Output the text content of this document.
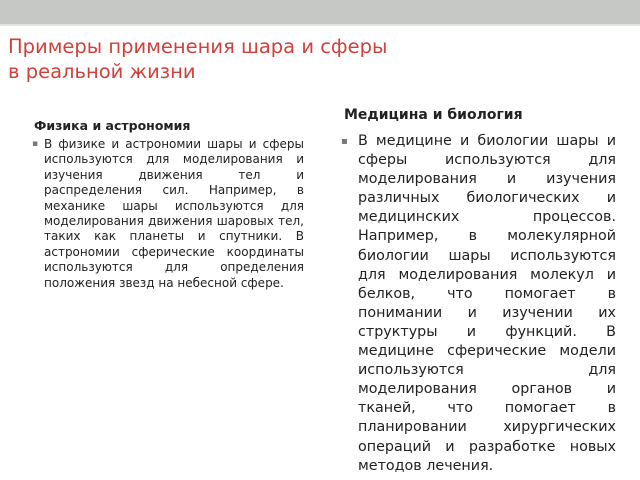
Примеры применения шара и сферы
в реальной жизни
Физика и астрономия
▪ В физике и астрономии шары и сферы используются для моделирования и изучения движения тел и распределения сил. Например, в механике шары используются для моделирования движения шаровых тел, таких как планеты и спутники. В астрономии сферические координаты используются для определения положения звезд на небесной сфере.
Медицина и биология
▪ В медицине и биологии шары и сферы используются для моделирования и изучения различных биологических и медицинских процессов. Например, в молекулярной биологии шары используются для моделирования молекул и белков, что помогает в понимании и изучении их структуры и функций. В медицине сферические модели используются для моделирования органов и тканей, что помогает в планировании хирургических операций и разработке новых методов лечения.
